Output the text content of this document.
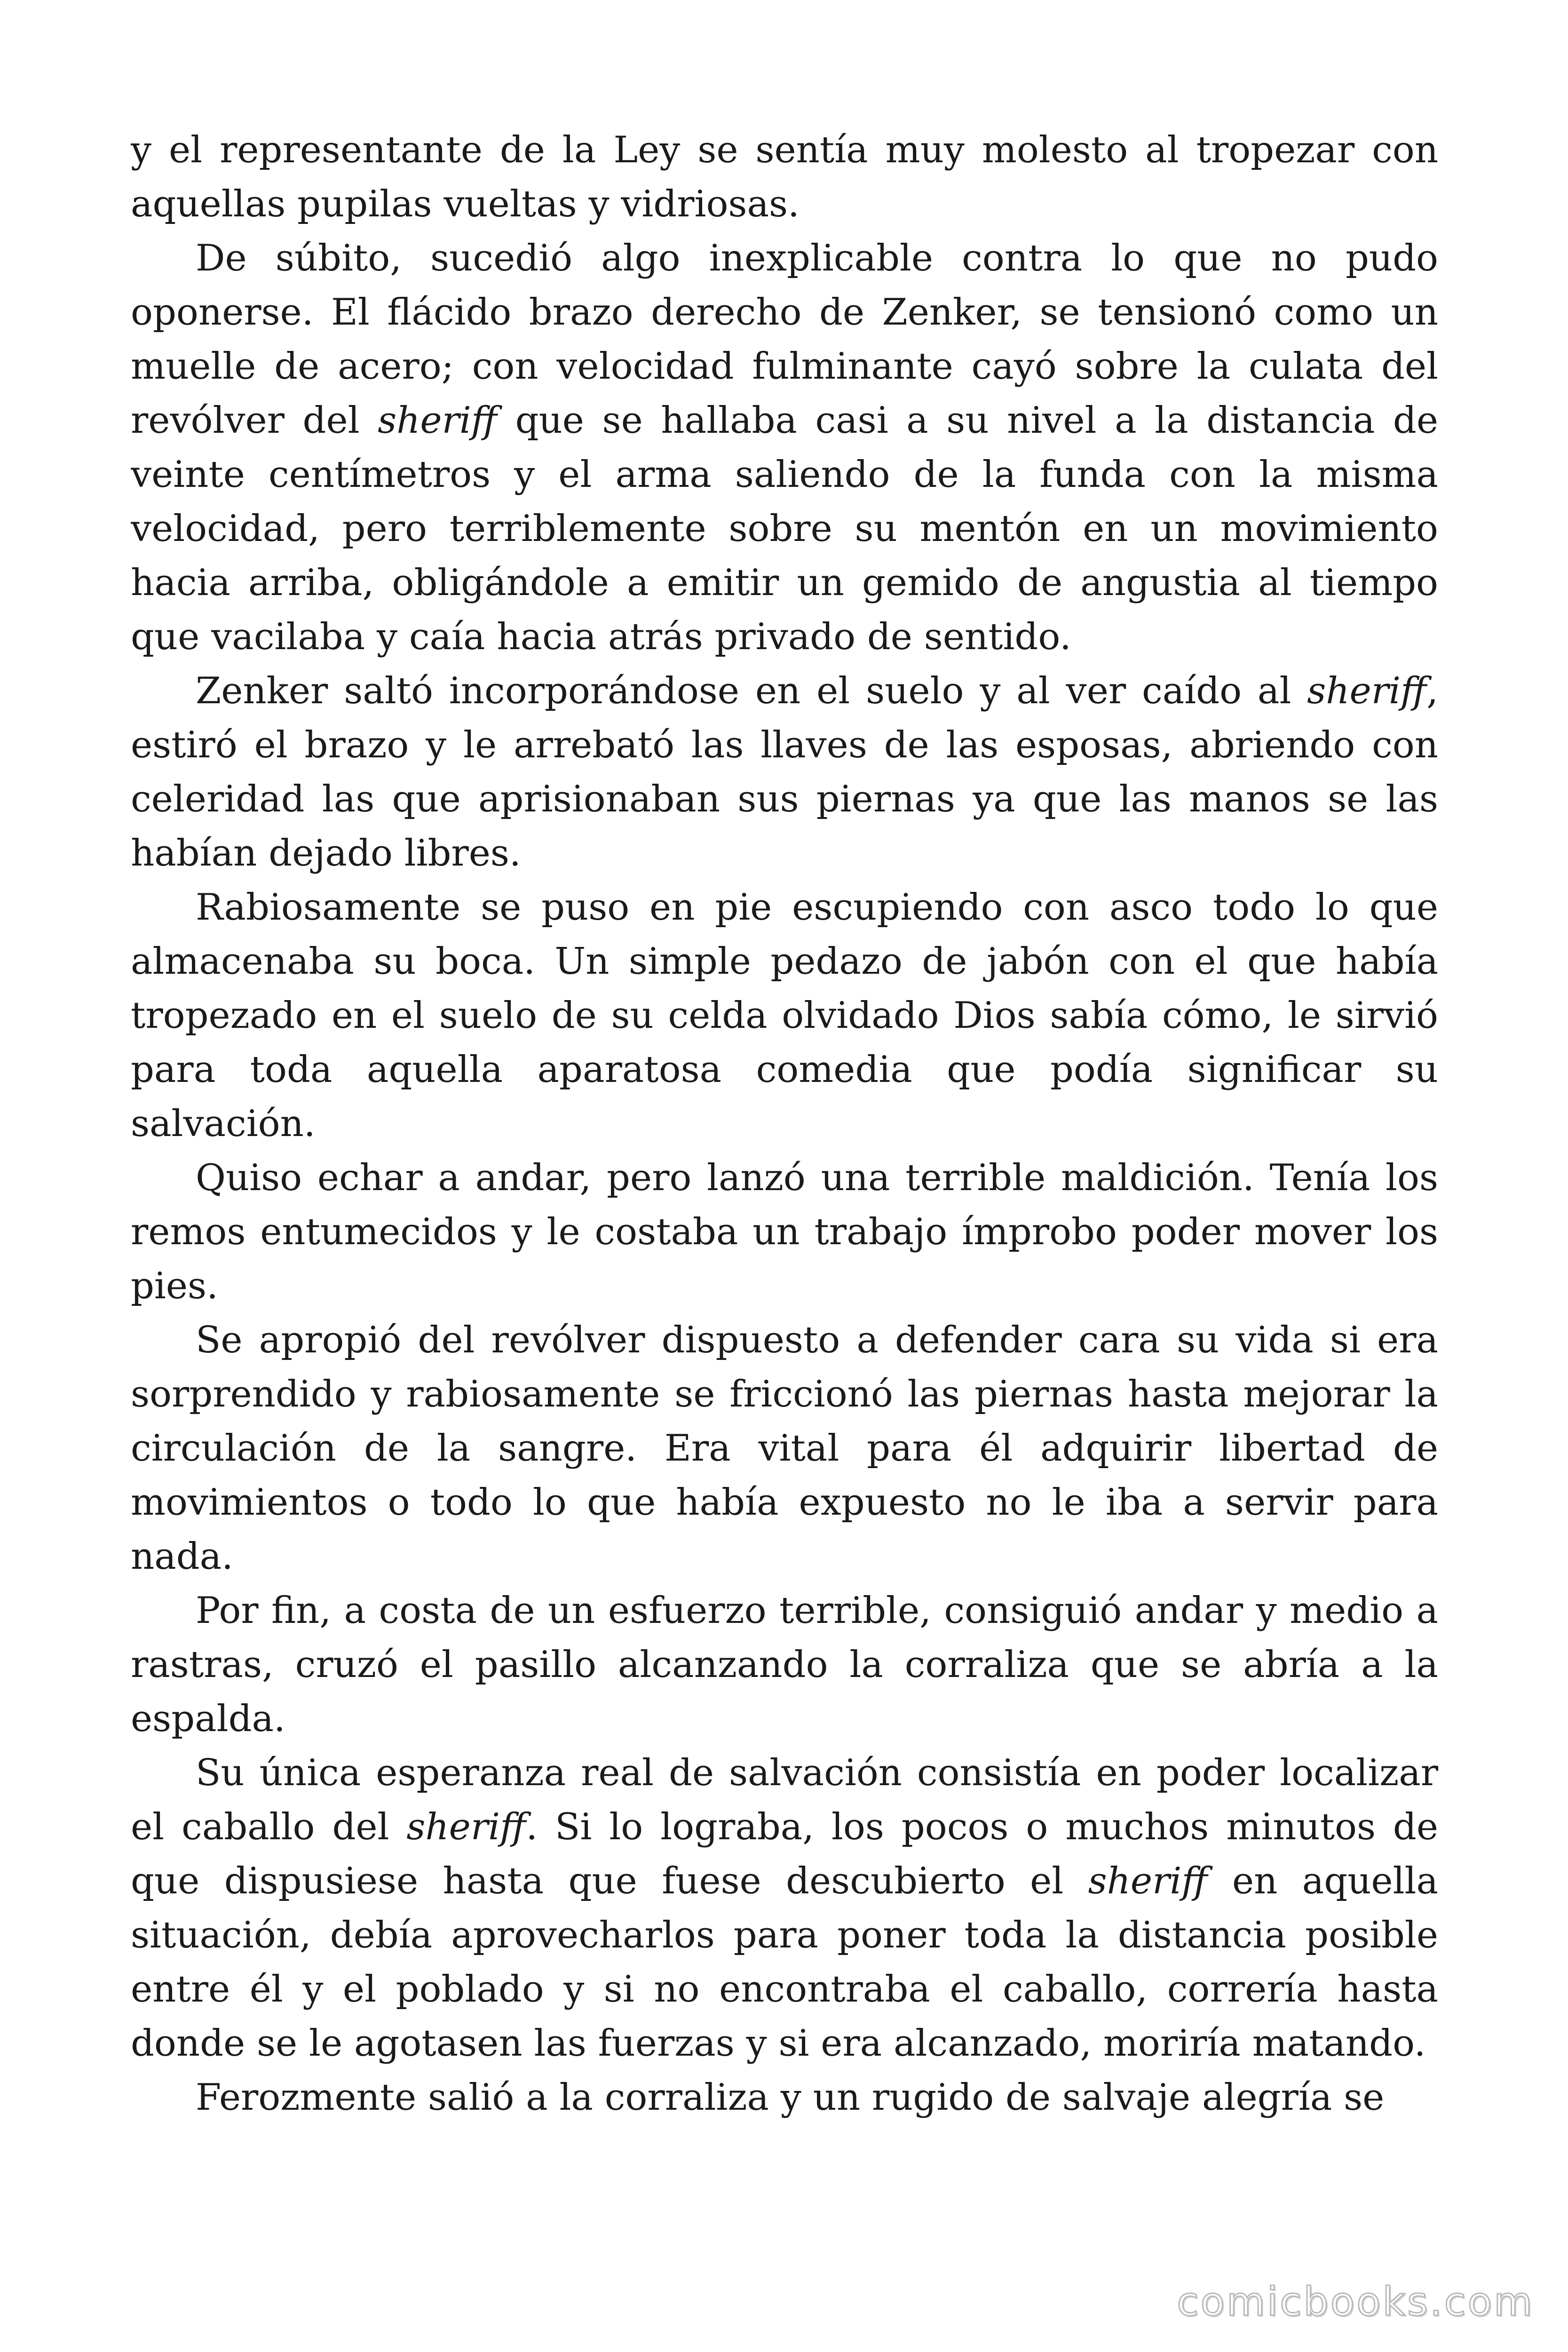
y el representante de la Ley se sentía muy molesto al tropezar con aquellas pupilas vueltas y vidriosas.

De súbito, sucedió algo inexplicable contra lo que no pudo oponerse. El flácido brazo derecho de Zenker, se tensionó como un muelle de acero; con velocidad fulminante cayó sobre la culata del revólver del sheriff que se hallaba casi a su nivel a la distancia de veinte centímetros y el arma saliendo de la funda con la misma velocidad, pero terriblemente sobre su mentón en un movimiento hacia arriba, obligándole a emitir un gemido de angustia al tiempo que vacilaba y caía hacia atrás privado de sentido.

Zenker saltó incorporándose en el suelo y al ver caído al sheriff, estiró el brazo y le arrebató las llaves de las esposas, abriendo con celeridad las que aprisionaban sus piernas ya que las manos se las habían dejado libres.

Rabiosamente se puso en pie escupiendo con asco todo lo que almacenaba su boca. Un simple pedazo de jabón con el que había tropezado en el suelo de su celda olvidado Dios sabía cómo, le sirvió para toda aquella aparatosa comedia que podía significar su salvación.

Quiso echar a andar, pero lanzó una terrible maldición. Tenía los remos entumecidos y le costaba un trabajo ímprobo poder mover los pies.

Se apropió del revólver dispuesto a defender cara su vida si era sorprendido y rabiosamente se friccionó las piernas hasta mejorar la circulación de la sangre. Era vital para él adquirir libertad de movimientos o todo lo que había expuesto no le iba a servir para nada.

Por fin, a costa de un esfuerzo terrible, consiguió andar y medio a rastras, cruzó el pasillo alcanzando la corraliza que se abría a la espalda.

Su única esperanza real de salvación consistía en poder localizar el caballo del sheriff. Si lo lograba, los pocos o muchos minutos de que dispusiese hasta que fuese descubierto el sheriff en aquella situación, debía aprovecharlos para poner toda la distancia posible entre él y el poblado y si no encontraba el caballo, correría hasta donde se le agotasen las fuerzas y si era alcanzado, moriría matando.

Ferozmente salió a la corraliza y un rugido de salvaje alegría se

comicbooks.com
